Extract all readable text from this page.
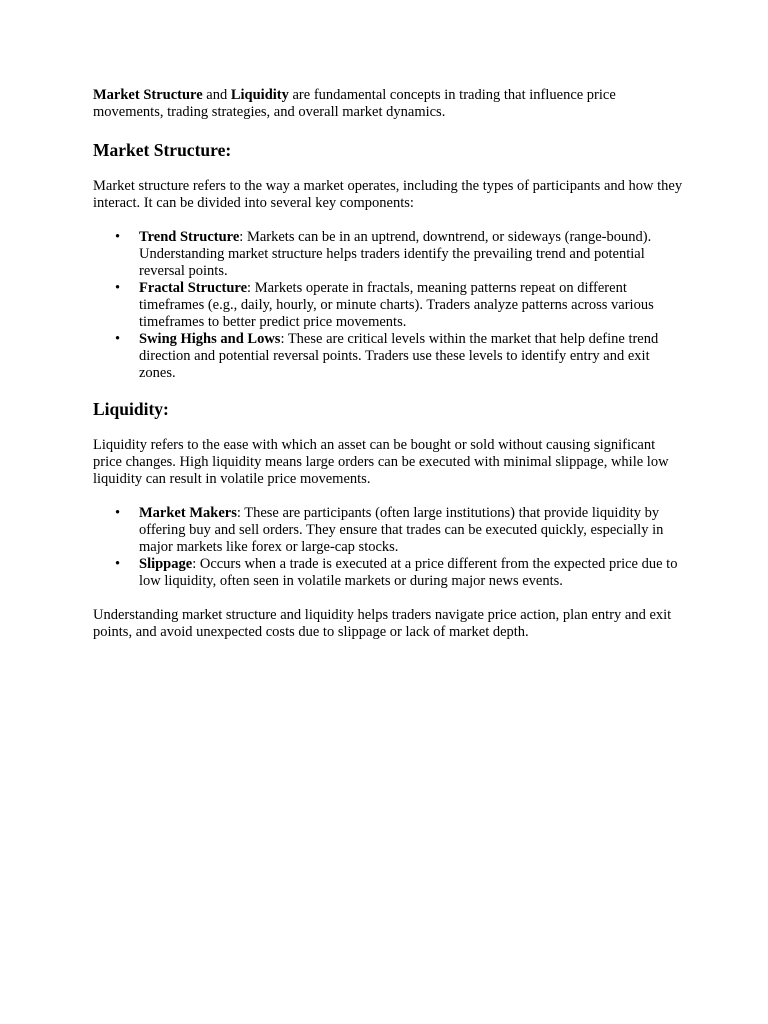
Market Structure and Liquidity are fundamental concepts in trading that influence price movements, trading strategies, and overall market dynamics.

Market Structure:

Market structure refers to the way a market operates, including the types of participants and how they interact. It can be divided into several key components:

• Trend Structure: Markets can be in an uptrend, downtrend, or sideways (range-bound). Understanding market structure helps traders identify the prevailing trend and potential reversal points.
• Fractal Structure: Markets operate in fractals, meaning patterns repeat on different timeframes (e.g., daily, hourly, or minute charts). Traders analyze patterns across various timeframes to better predict price movements.
• Swing Highs and Lows: These are critical levels within the market that help define trend direction and potential reversal points. Traders use these levels to identify entry and exit zones.
Liquidity:

Liquidity refers to the ease with which an asset can be bought or sold without causing significant price changes. High liquidity means large orders can be executed with minimal slippage, while low liquidity can result in volatile price movements.

• Market Makers: These are participants (often large institutions) that provide liquidity by offering buy and sell orders. They ensure that trades can be executed quickly, especially in major markets like forex or large-cap stocks.
• Slippage: Occurs when a trade is executed at a price different from the expected price due to low liquidity, often seen in volatile markets or during major news events.

Understanding market structure and liquidity helps traders navigate price action, plan entry and exit points, and avoid unexpected costs due to slippage or lack of market depth.
